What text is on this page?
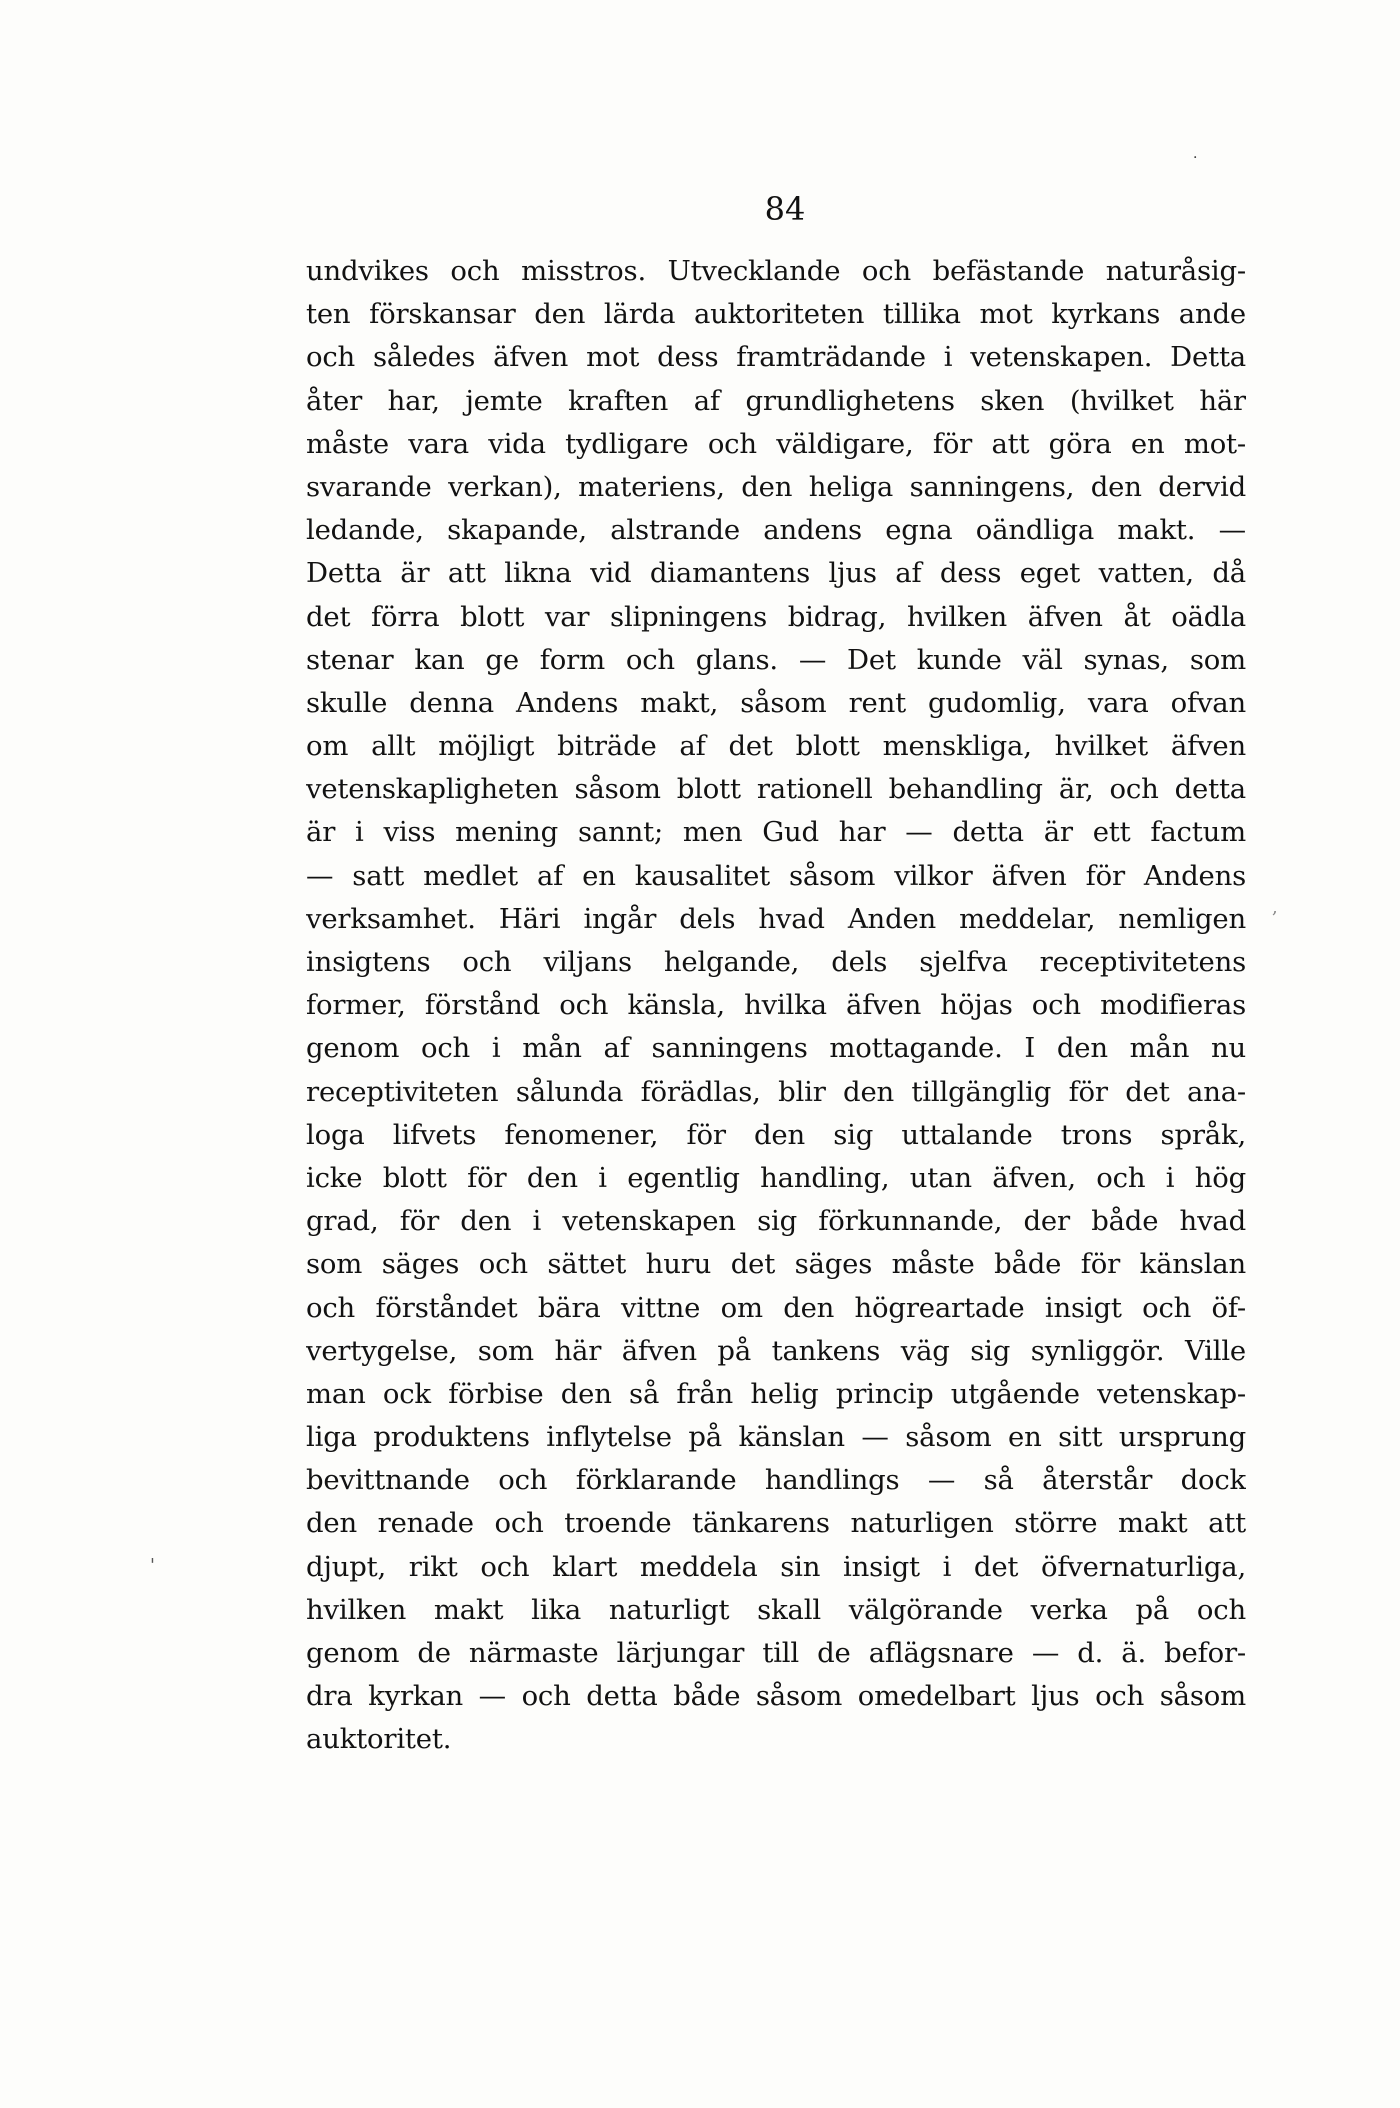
·
,
'
84
undvikes och misstros. Utvecklande och befästande naturåsig-
ten förskansar den lärda auktoriteten tillika mot kyrkans ande
och således äfven mot dess framträdande i vetenskapen. Detta
åter har, jemte kraften af grundlighetens sken (hvilket här
måste vara vida tydligare och väldigare, för att göra en mot-
svarande verkan), materiens, den heliga sanningens, den dervid
ledande, skapande, alstrande andens egna oändliga makt. —
Detta är att likna vid diamantens ljus af dess eget vatten, då
det förra blott var slipningens bidrag, hvilken äfven åt oädla
stenar kan ge form och glans. — Det kunde väl synas, som
skulle denna Andens makt, såsom rent gudomlig, vara ofvan
om allt möjligt biträde af det blott menskliga, hvilket äfven
vetenskapligheten såsom blott rationell behandling är, och detta
är i viss mening sannt; men Gud har — detta är ett factum
— satt medlet af en kausalitet såsom vilkor äfven för Andens
verksamhet. Häri ingår dels hvad Anden meddelar, nemligen
insigtens och viljans helgande, dels sjelfva receptivitetens
former, förstånd och känsla, hvilka äfven höjas och modifieras
genom och i mån af sanningens mottagande. I den mån nu
receptiviteten sålunda förädlas, blir den tillgänglig för det ana-
loga lifvets fenomener, för den sig uttalande trons språk,
icke blott för den i egentlig handling, utan äfven, och i hög
grad, för den i vetenskapen sig förkunnande, der både hvad
som säges och sättet huru det säges måste både för känslan
och förståndet bära vittne om den högreartade insigt och öf-
vertygelse, som här äfven på tankens väg sig synliggör. Ville
man ock förbise den så från helig princip utgående vetenskap-
liga produktens inflytelse på känslan — såsom en sitt ursprung
bevittnande och förklarande handlings — så återstår dock
den renade och troende tänkarens naturligen större makt att
djupt, rikt och klart meddela sin insigt i det öfvernaturliga,
hvilken makt lika naturligt skall välgörande verka på och
genom de närmaste lärjungar till de aflägsnare — d. ä. befor-
dra kyrkan — och detta både såsom omedelbart ljus och såsom
auktoritet.
